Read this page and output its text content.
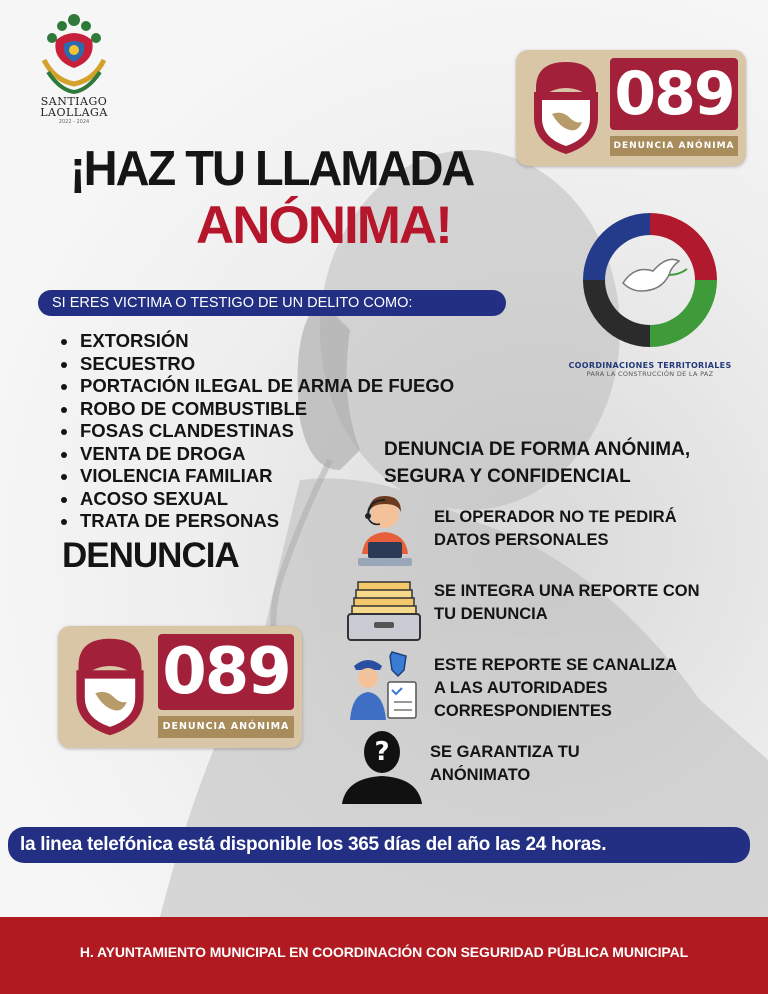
SANTIAGO
LAOLLAGA
2022 - 2024	089
DENUNCIA ANÓNIMA
¡HAZ TU LLAMADA
ANÓNIMA!
COORDINACIONES TERRITORIALES
PARA LA CONSTRUCCIÓN DE LA PAZ
SI ERES VICTIMA O TESTIGO DE UN DELITO COMO:
EXTORSIÓN
SECUESTRO
PORTACIÓN ILEGAL DE ARMA DE FUEGO
ROBO DE COMBUSTIBLE
FOSAS CLANDESTINAS
VENTA DE DROGA
VIOLENCIA FAMILIAR
ACOSO SEXUAL
TRATA DE PERSONAS
DENUNCIA
DENUNCIA DE FORMA ANÓNIMA,
SEGURA Y CONFIDENCIAL
EL OPERADOR NO TE PEDIRÁ
DATOS PERSONALES
SE INTEGRA UNA REPORTE CON
TU DENUNCIA
ESTE REPORTE SE CANALIZA
A LAS AUTORIDADES
CORRESPONDIENTES
? SE GARANTIZA TU
ANÓNIMATO
089
DENUNCIA ANÓNIMA
la linea telefónica está disponible los 365 días del año las 24 horas.
H. AYUNTAMIENTO MUNICIPAL EN COORDINACIÓN CON SEGURIDAD PÚBLICA MUNICIPAL
